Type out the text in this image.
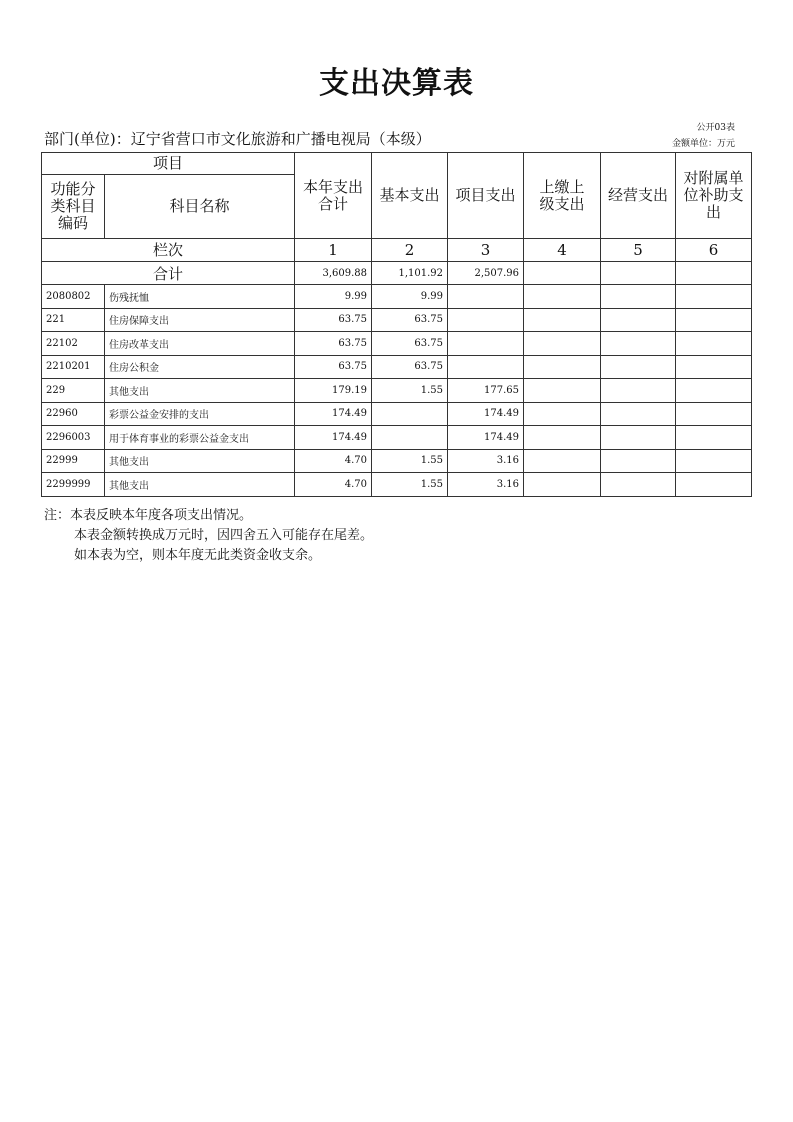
支出决算表
公开03表
金额单位：万元
部门(单位)：辽宁省营口市文化旅游和广播电视局（本级）
项目		本年支出合计	基本支出	项目支出	上缴上级支出	经营支出	对附属单位补助支出
功能分类科目编码	科目名称						
栏次		1	2	3	4	5	6
合计		3,609.88	1,101.92	2,507.96			
2080802	伤残抚恤	9.99	9.99				
221	住房保障支出	63.75	63.75				
22102	住房改革支出	63.75	63.75				
2210201	住房公积金	63.75	63.75				
229	其他支出	179.19	1.55	177.65			
22960	彩票公益金安排的支出	174.49		174.49			
2296003	用于体育事业的彩票公益金支出	174.49		174.49			
22999	其他支出	4.70	1.55	3.16			
2299999	其他支出	4.70	1.55	3.16			
注：本表反映本年度各项支出情况。
本表金额转换成万元时，因四舍五入可能存在尾差。
如本表为空，则本年度无此类资金收支余。
